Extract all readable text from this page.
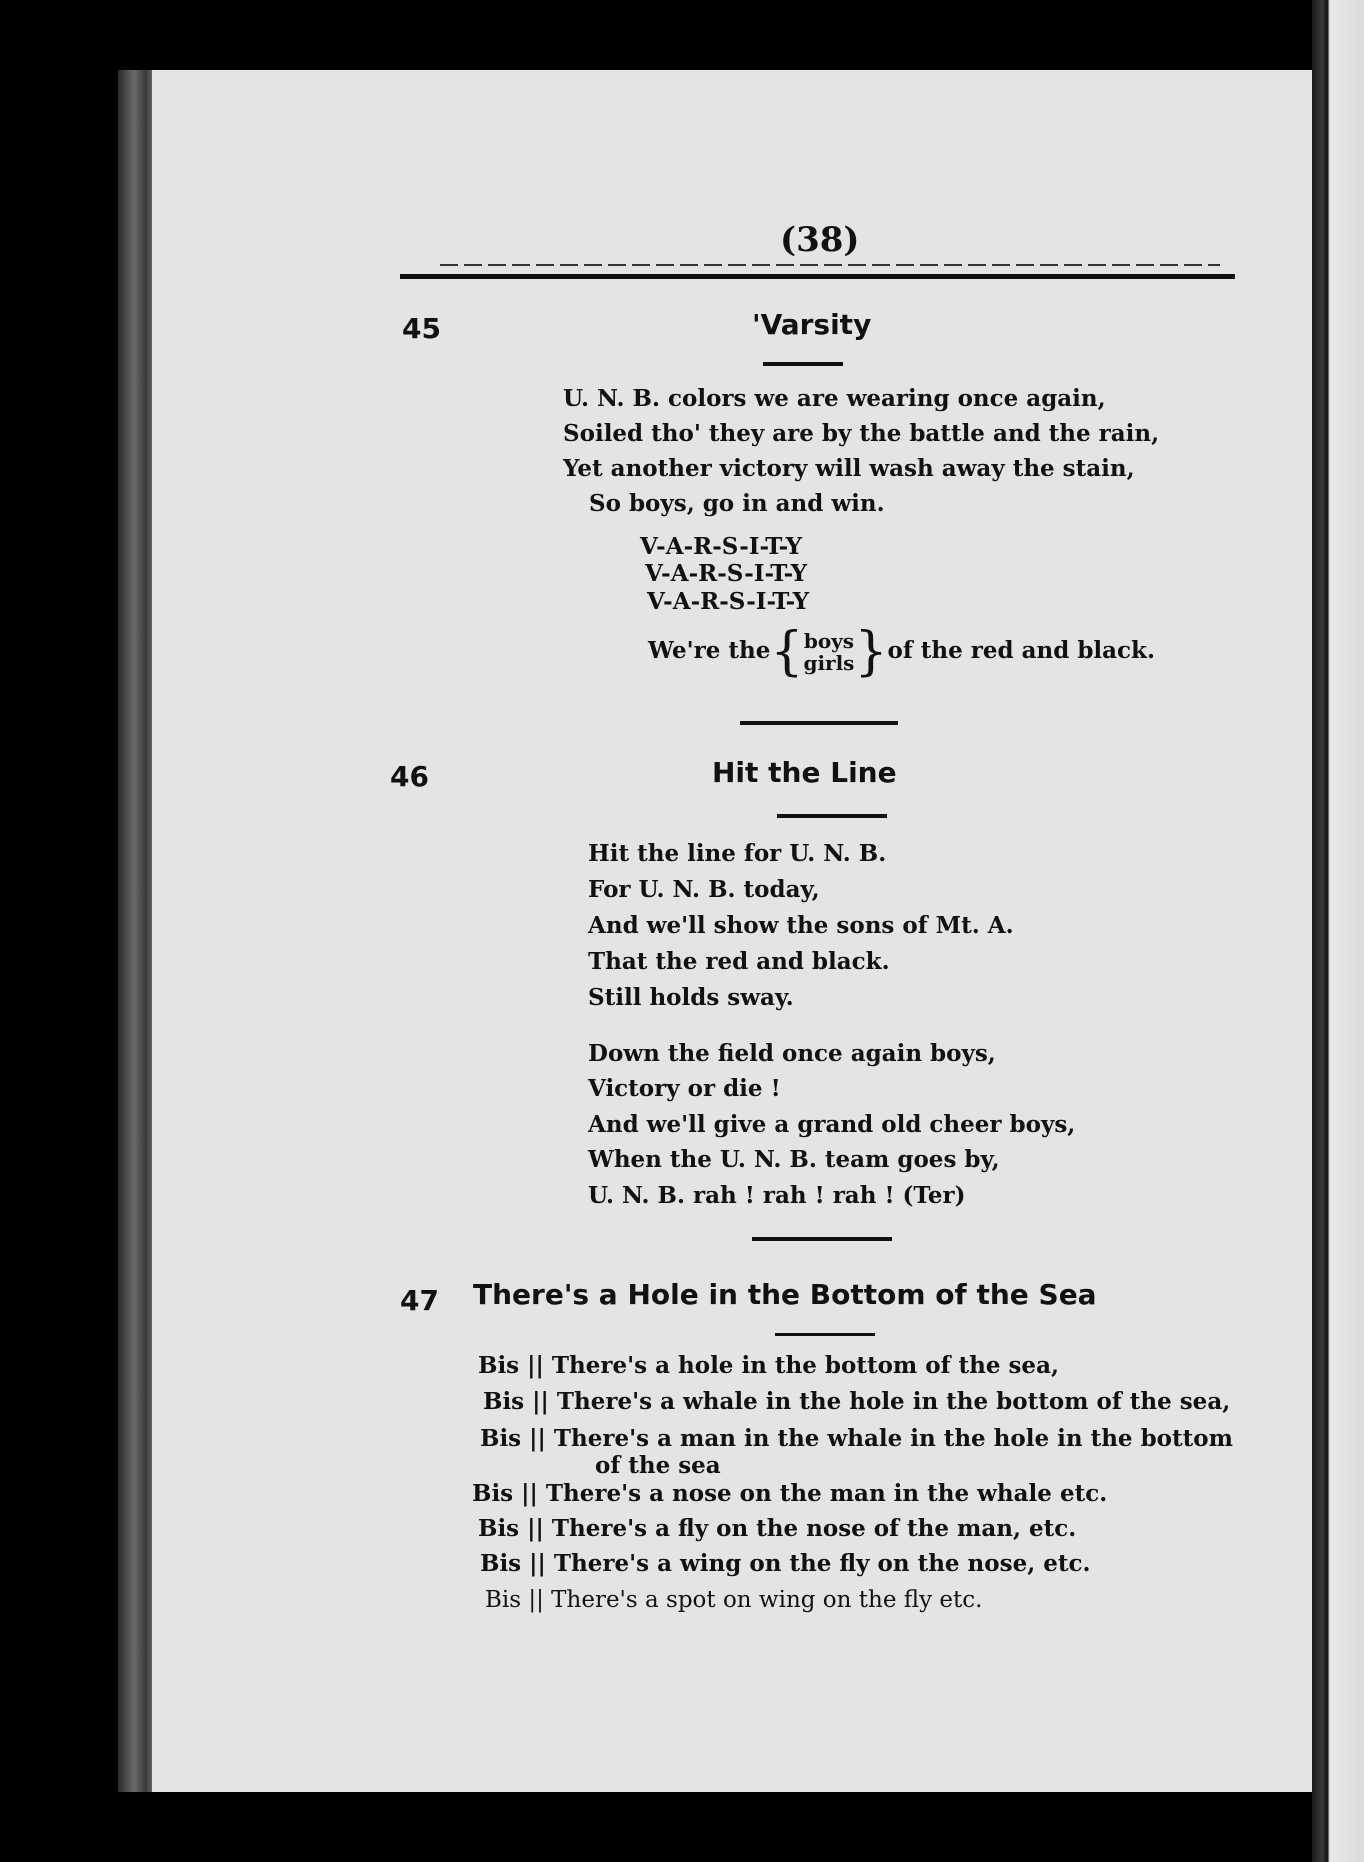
(38)
45	'Varsity
U. N. B. colors we are wearing once again,
Soiled tho' they are by the battle and the rain,
Yet another victory will wash away the stain,
So boys, go in and win.
V-A-R-S-I-T-Y
V-A-R-S-I-T-Y
V-A-R-S-I-T-Y
We're the{boys
girls}of the red and black.
46	Hit the Line
Hit the line for U. N. B.
For U. N. B. today,
And we'll show the sons of Mt. A.
That the red and black.
Still holds sway.
Down the field once again boys,
Victory or die !
And we'll give a grand old cheer boys,
When the U. N. B. team goes by,
U. N. B. rah ! rah ! rah ! (Ter)
47 There's a Hole in the Bottom of the Sea
Bis || There's a hole in the bottom of the sea,
Bis || There's a whale in the hole in the bottom of the sea,
Bis || There's a man in the whale in the hole in the bottom
of the sea
Bis || There's a nose on the man in the whale etc.
Bis || There's a fly on the nose of the man, etc.
Bis || There's a wing on the fly on the nose, etc.
Bis || There's a spot on wing on the fly etc.
